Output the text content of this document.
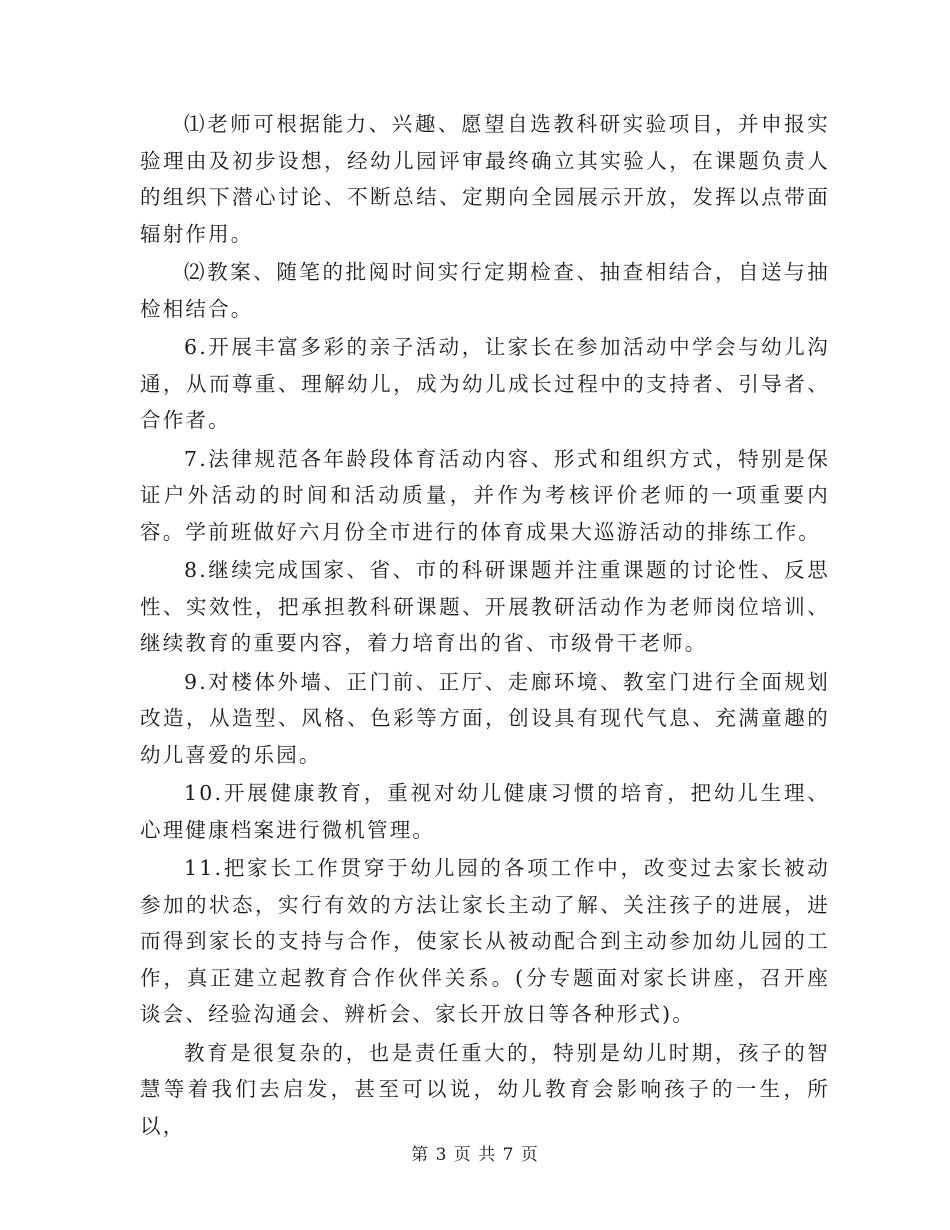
⑴老师可根据能力、兴趣、愿望自选教科研实验项目，并申报实验理由及初步设想，经幼儿园评审最终确立其实验人，在课题负责人的组织下潜心讨论、不断总结、定期向全园展示开放，发挥以点带面辐射作用。

⑵教案、随笔的批阅时间实行定期检查、抽查相结合，自送与抽检相结合。

6.开展丰富多彩的亲子活动，让家长在参加活动中学会与幼儿沟通，从而尊重、理解幼儿，成为幼儿成长过程中的支持者、引导者、合作者。

7.法律规范各年龄段体育活动内容、形式和组织方式，特别是保证户外活动的时间和活动质量，并作为考核评价老师的一项重要内容。学前班做好六月份全市进行的体育成果大巡游活动的排练工作。

8.继续完成国家、省、市的科研课题并注重课题的讨论性、反思性、实效性，把承担教科研课题、开展教研活动作为老师岗位培训、继续教育的重要内容，着力培育出的省、市级骨干老师。

9.对楼体外墙、正门前、正厅、走廊环境、教室门进行全面规划改造，从造型、风格、色彩等方面，创设具有现代气息、充满童趣的幼儿喜爱的乐园。

10.开展健康教育，重视对幼儿健康习惯的培育，把幼儿生理、心理健康档案进行微机管理。

11.把家长工作贯穿于幼儿园的各项工作中，改变过去家长被动参加的状态，实行有效的方法让家长主动了解、关注孩子的进展，进而得到家长的支持与合作，使家长从被动配合到主动参加幼儿园的工作，真正建立起教育合作伙伴关系。(分专题面对家长讲座，召开座谈会、经验沟通会、辨析会、家长开放日等各种形式)。

教育是很复杂的，也是责任重大的，特别是幼儿时期，孩子的智慧等着我们去启发，甚至可以说，幼儿教育会影响孩子的一生，所以，

第 3 页 共 7 页
